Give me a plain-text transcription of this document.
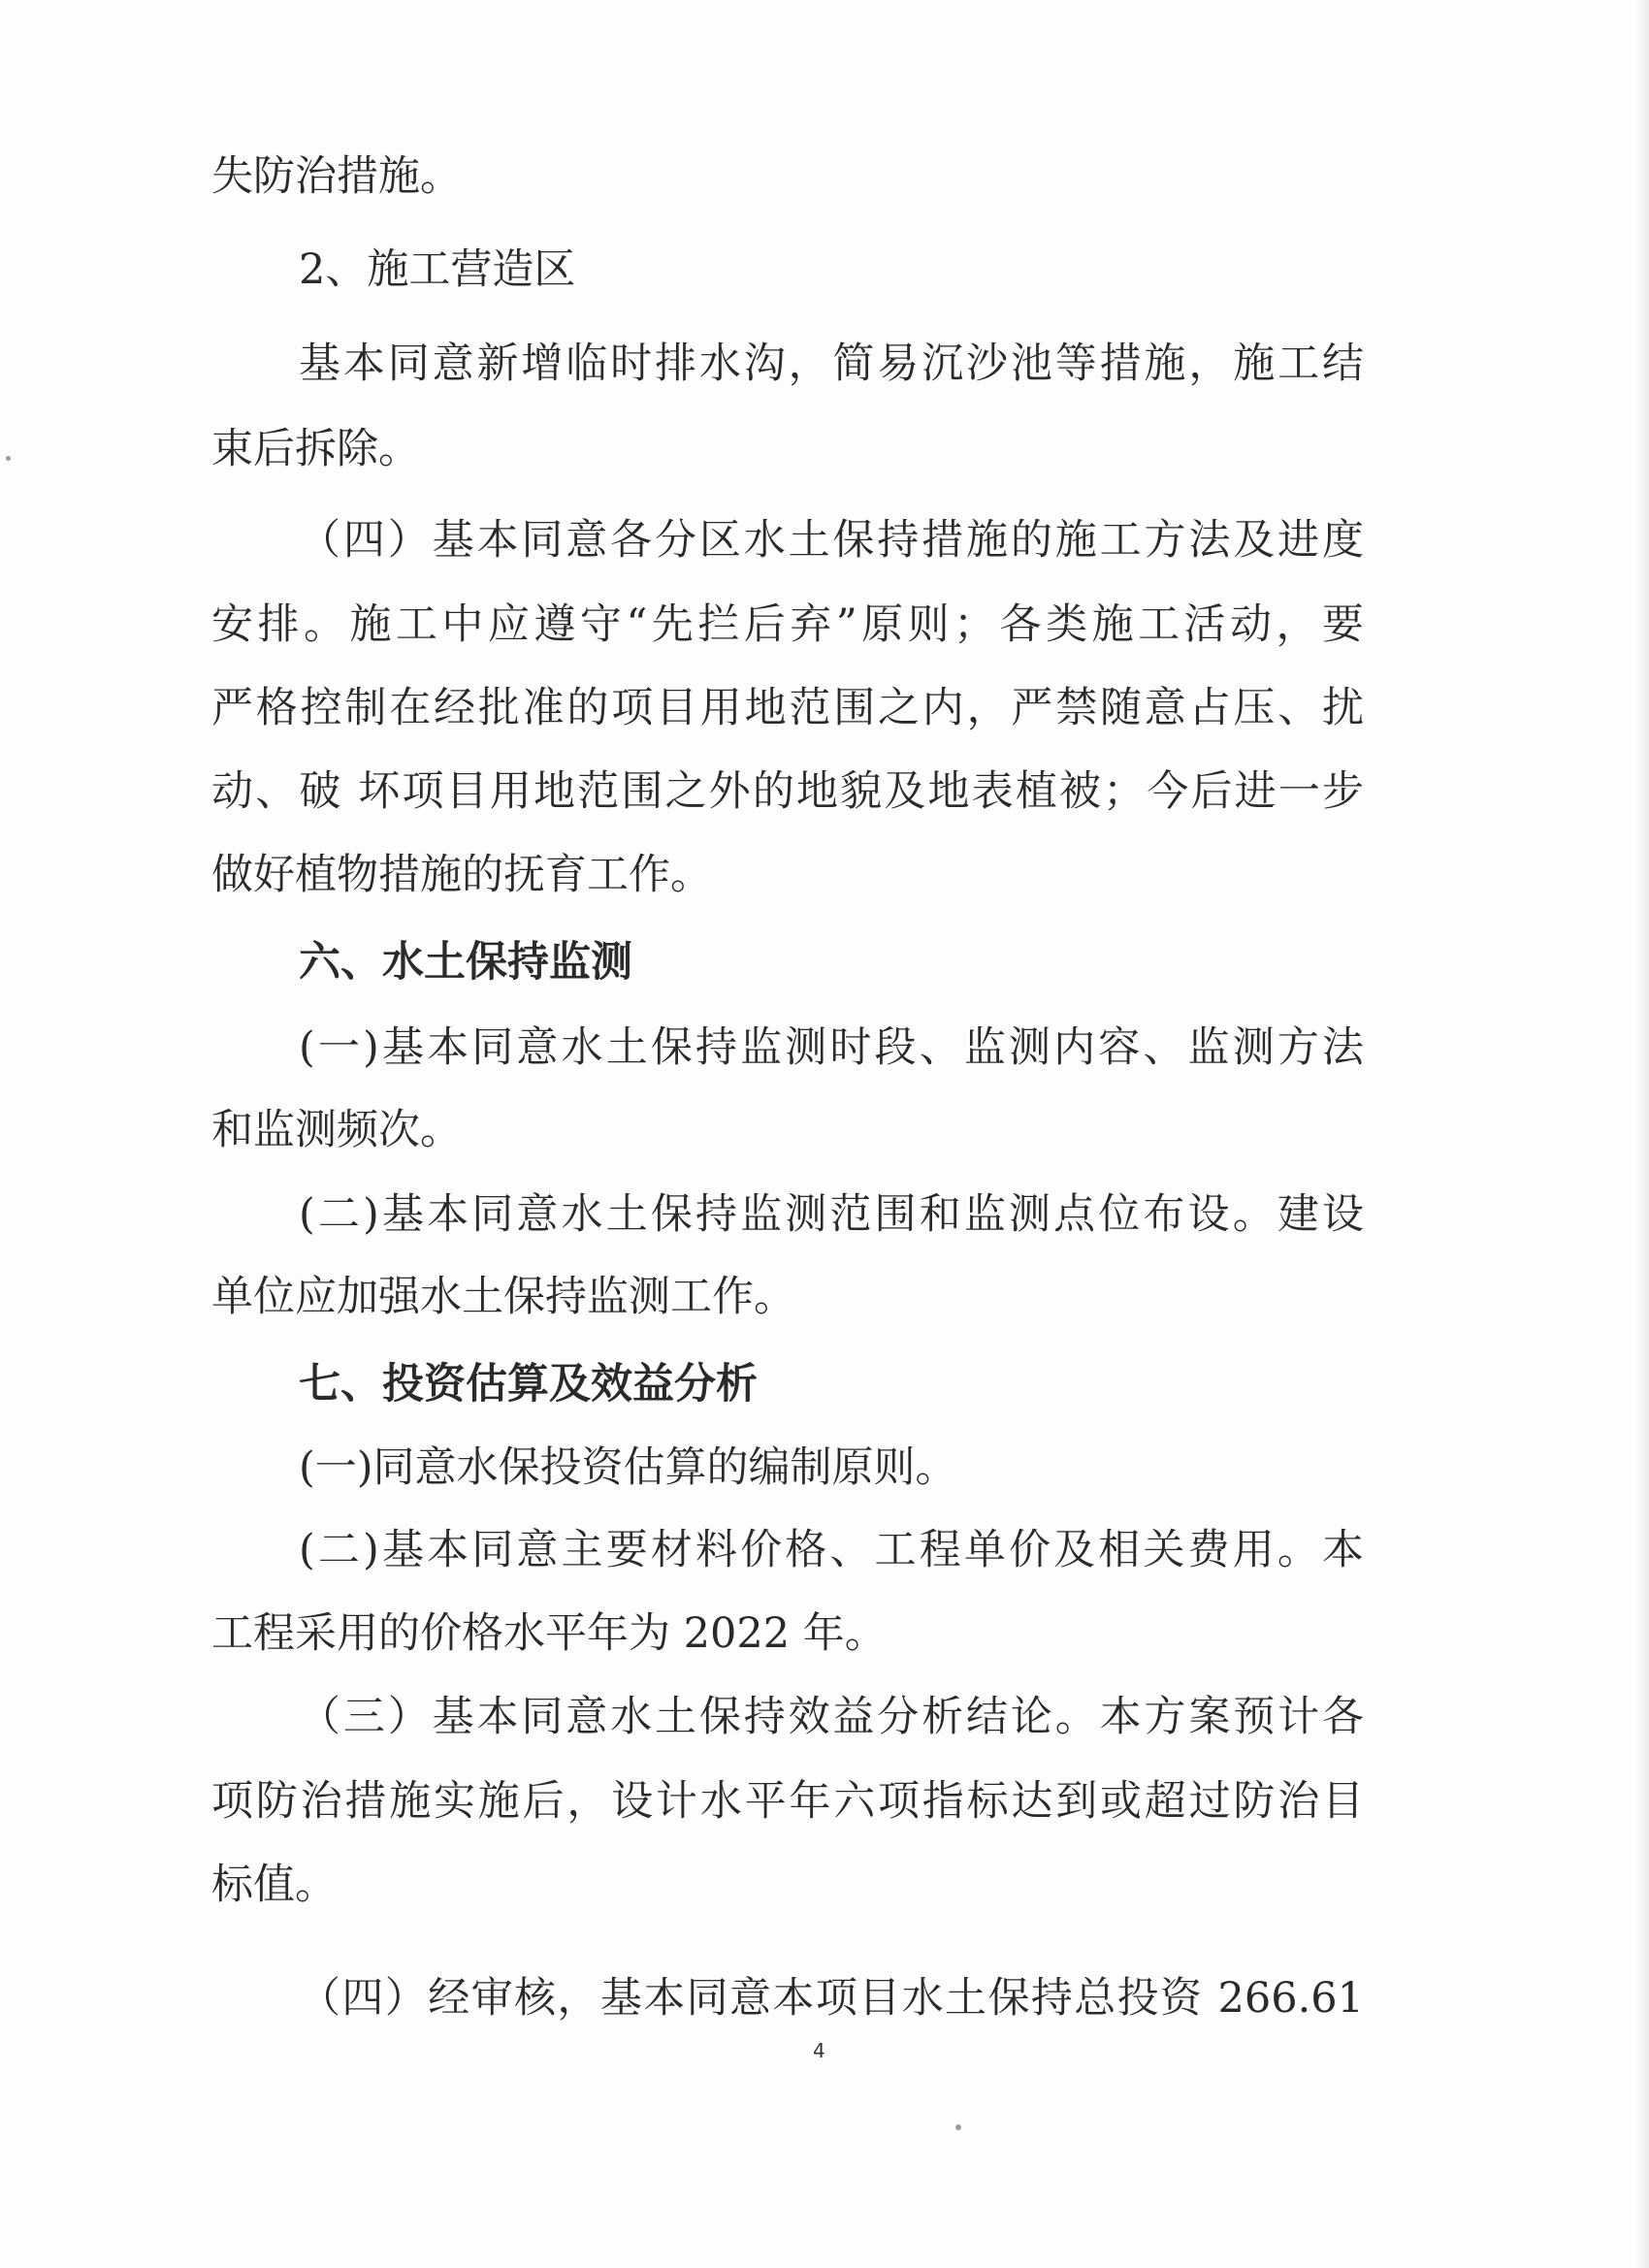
失防治措施。
2、施工营造区
基本同意新增临时排水沟，简易沉沙池等措施，施工结
束后拆除。
（四）基本同意各分区水土保持措施的施工方法及进度
安排。施工中应遵守“先拦后弃”原则；各类施工活动，要
严格控制在经批准的项目用地范围之内，严禁随意占压、扰
动、破 坏项目用地范围之外的地貌及地表植被；今后进一步
做好植物措施的抚育工作。
六、水土保持监测
(一)基本同意水土保持监测时段、监测内容、监测方法
和监测频次。
(二)基本同意水土保持监测范围和监测点位布设。建设
单位应加强水土保持监测工作。
七、投资估算及效益分析
(一)同意水保投资估算的编制原则。
(二)基本同意主要材料价格、工程单价及相关费用。本
工程采用的价格水平年为 2022 年。
（三）基本同意水土保持效益分析结论。本方案预计各
项防治措施实施后，设计水平年六项指标达到或超过防治目
标值。
（四）经审核，基本同意本项目水土保持总投资 266.61
4
